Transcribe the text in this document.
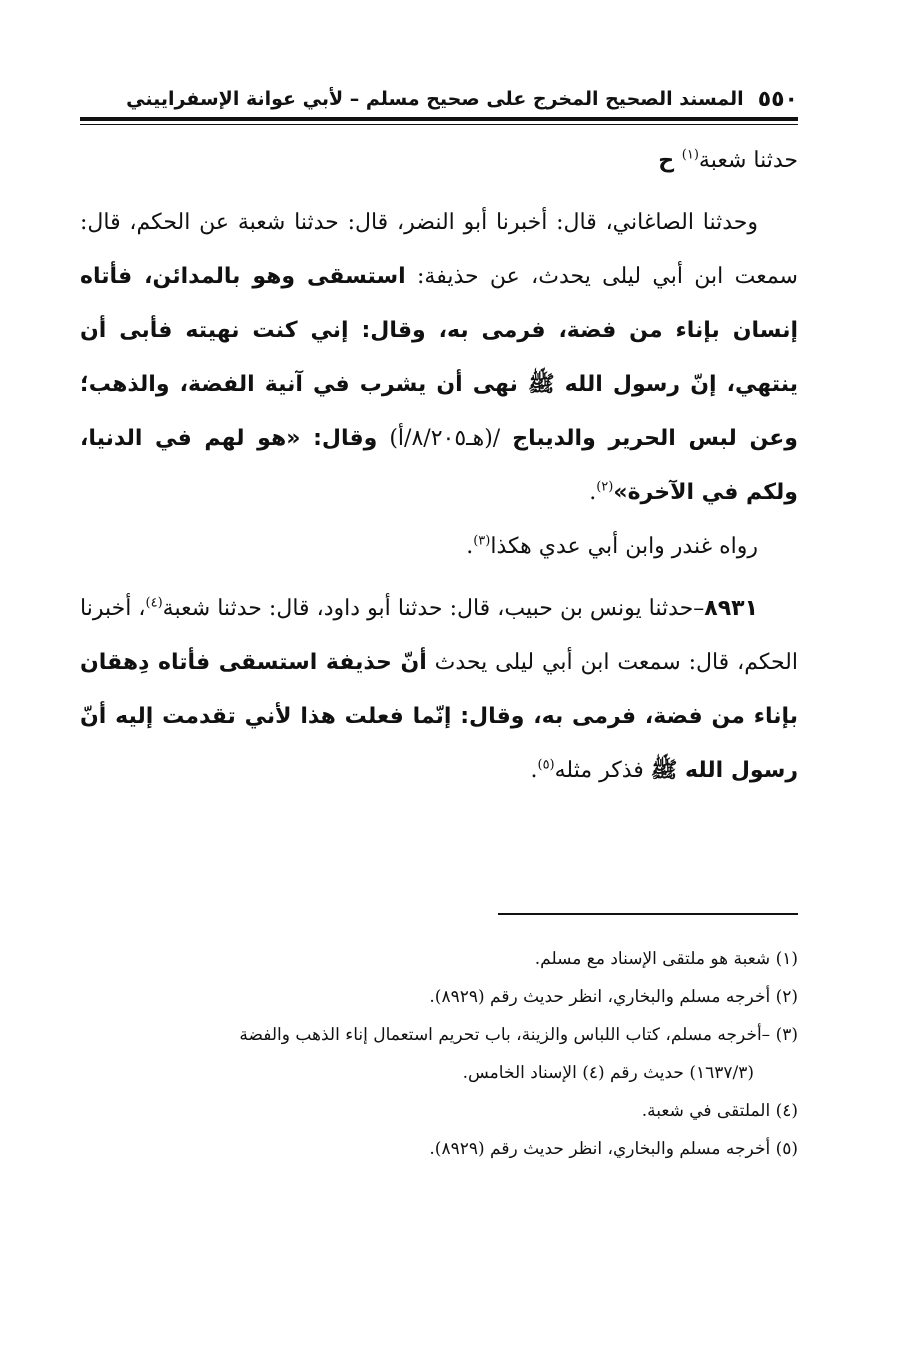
٥٥٠
المسند الصحيح المخرج على صحيح مسلم – لأبي عوانة الإسفراييني

حدثنا شعبة$^{(١)}$ ح

وحدثنا الصاغاني، قال: أخبرنا أبو النضر، قال: حدثنا شعبة عن الحكم، قال: سمعت ابن أبي ليلى يحدث، عن حذيفة: استسقى وهو بالمدائن، فأتاه إنسان بإناء من فضة، فرمى به، وقال: إني كنت نهيته فأبى أن ينتهي، إنّ رسول الله ﷺ نهى أن يشرب في آنية الفضة، والذهب؛ وعن لبس الحرير والديباج /(هـ٨/٢٠٥/أ) وقال: «هو لهم في الدنيا، ولكم في الآخرة»$^{(٢)}$.

رواه غندر وابن أبي عدي هكذا$^{(٣)}$.

٨٩٣١–حدثنا يونس بن حبيب، قال: حدثنا أبو داود، قال: حدثنا شعبة$^{(٤)}$، أخبرنا الحكم، قال: سمعت ابن أبي ليلى يحدث أنّ حذيفة استسقى فأتاه دِهقان بإناء من فضة، فرمى به، وقال: إنّما فعلت هذا لأني تقدمت إليه أنّ رسول الله ﷺ فذكر مثله$^{(٥)}$.

(١) شعبة هو ملتقى الإسناد مع مسلم.

(٢) أخرجه مسلم والبخاري، انظر حديث رقم (٨٩٢٩).

(٣) –أخرجه مسلم، كتاب اللباس والزينة، باب تحريم استعمال إناء الذهب والفضة

(١٦٣٧/٣) حديث رقم (٤) الإسناد الخامس.

(٤) الملتقى في شعبة.

(٥) أخرجه مسلم والبخاري، انظر حديث رقم (٨٩٢٩).
